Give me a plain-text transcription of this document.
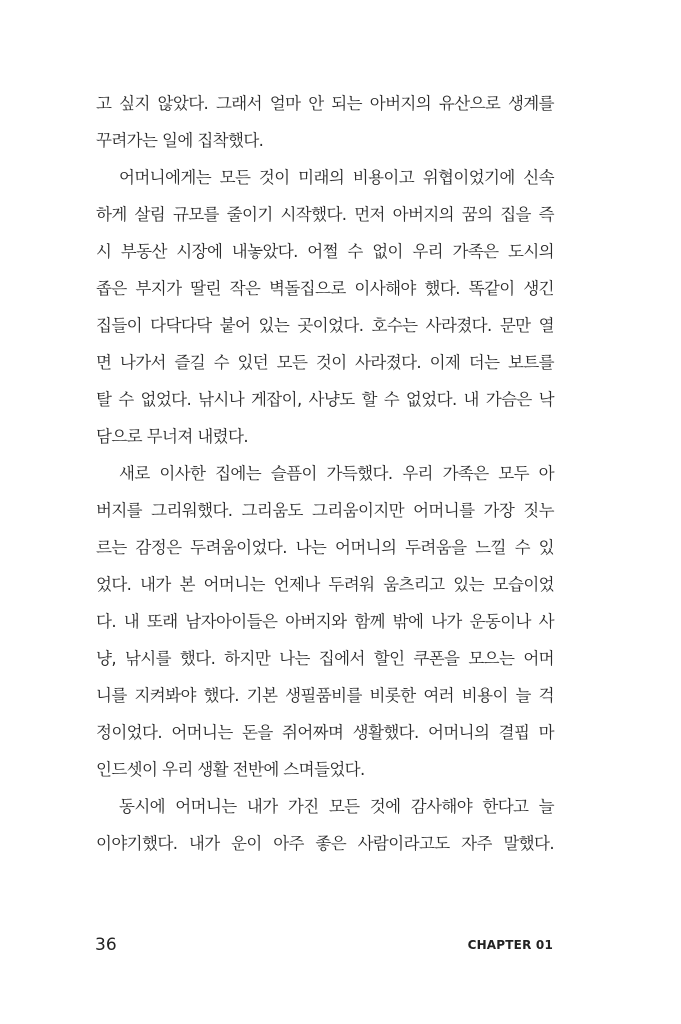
고 싶지 않았다. 그래서 얼마 안 되는 아버지의 유산으로 생계를
꾸려가는 일에 집착했다.
어머니에게는 모든 것이 미래의 비용이고 위협이었기에 신속
하게 살림 규모를 줄이기 시작했다. 먼저 아버지의 꿈의 집을 즉
시 부동산 시장에 내놓았다. 어쩔 수 없이 우리 가족은 도시의
좁은 부지가 딸린 작은 벽돌집으로 이사해야 했다. 똑같이 생긴
집들이 다닥다닥 붙어 있는 곳이었다. 호수는 사라졌다. 문만 열
면 나가서 즐길 수 있던 모든 것이 사라졌다. 이제 더는 보트를
탈 수 없었다. 낚시나 게잡이, 사냥도 할 수 없었다. 내 가슴은 낙
담으로 무너져 내렸다.
새로 이사한 집에는 슬픔이 가득했다. 우리 가족은 모두 아
버지를 그리워했다. 그리움도 그리움이지만 어머니를 가장 짓누
르는 감정은 두려움이었다. 나는 어머니의 두려움을 느낄 수 있
었다. 내가 본 어머니는 언제나 두려워 움츠리고 있는 모습이었
다. 내 또래 남자아이들은 아버지와 함께 밖에 나가 운동이나 사
냥, 낚시를 했다. 하지만 나는 집에서 할인 쿠폰을 모으는 어머
니를 지켜봐야 했다. 기본 생필품비를 비롯한 여러 비용이 늘 걱
정이었다. 어머니는 돈을 쥐어짜며 생활했다. 어머니의 결핍 마
인드셋이 우리 생활 전반에 스며들었다.
동시에 어머니는 내가 가진 모든 것에 감사해야 한다고 늘
이야기했다. 내가 운이 아주 좋은 사람이라고도 자주 말했다.
36	CHAPTER 01
